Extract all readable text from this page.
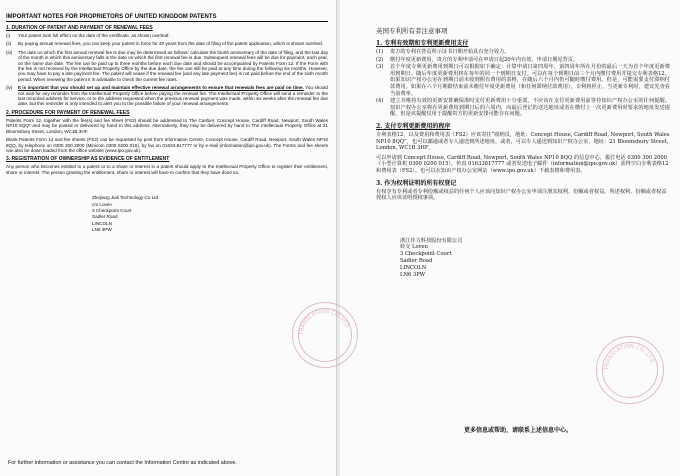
IMPORTANT NOTES FOR PROPRIETORS OF UNITED KINGDOM PATENTS
1. DURATION OF PATENT AND PAYMENT OF RENEWAL FEES
(i)	Your patent took full effect on the date of the certificate, as shown overleaf.
(ii)	By paying annual renewal fees, you can keep your patent in force for 20 years from the date of filing of the patent application, which is shown overleaf.
(iii)	The date on which the first annual renewal fee is due may be determined as follows: calculate the fourth anniversary of the date of filing, and the last day of the month in which this anniversary falls is the date on which the first renewal fee is due. Subsequent renewal fees will be due for payment, each year, on the same due date. The fee can be paid up to three months before each due date and should be accompanied by Patents Form 12. If the Form with the fee is not received by the Intellectual Property Office by the due date, the fee can still be paid at any time during the following six months. However, you may have to pay a late payment fee. The patent will cease if the renewal fee (and any late payment fee) is not paid before the end of the sixth month period. When renewing the patent it is advisable to check the current fee rates.
(iv)	It is important that you should set up and maintain effective renewal arrangements to ensure that renewals fees are paid on time. You should not wait for any reminder from the Intellectual Property Office before paying the renewal fee. The Intellectual Property Office will send a reminder to the last recorded address for service, or to the address requested when the previous renewal payment was made, within six weeks after the renewal fee due date, but this reminder is only intended to alert you to the possible failure of your renewal arrangements.
2. PROCEDURE FOR PAYMENT OF RENEWAL FEES
Patents Form 12, together with the fee(s) and fee sheet (FS2) should be addressed to The Cashier, Concept House, Cardiff Road, Newport, South Wales NP10 8QQ* and may be posted or delivered by hand to this address. Alternatively, they may be delivered by hand to The Intellectual Property Office at 21 Bloomsbury Street, London, WC1B 3HF.
Blank Patents Form 12 and fee sheets (FS2) can be requested by post from Information Centre, Concept House, Cardiff Road, Newport, South Wales NP10 8QQ, by telephone on 0300 300 2000 (Minicom 0300 0200 015), by fax on 01633-817777 or by e-mail (information@ipo.gov.uk). The Forms and fee sheets can also be down loaded from the office website (www.ipo.gov.uk).
3. REGISTRATION OF OWNERSHIP AS EVIDENCE OF ENTITLEMENT
Any person who becomes entitled to a patent or to a share or interest in a patent should apply to the Intellectual Property Office to register their entitlement, share or interest. The person granting the entitlement, share or interest will have to confirm that they have done so.
Zhejiang Jiali Technology Co Ltd
c/o Loven
3 Checkpoint Court
Sadler Road
LINCOLN
LN6 3PW
For further information or assistance you can contact the Information Centre as indicated above.
英国专利所有者注意事项
1. 专利有效期和专利更新费用支付
(1)	贵方的专利在背页所示证书日期开始具有充分效力。
(2)	缴付年度更新费用，贵方的专利申请可在申请日起20年内有效，申请日期见背页。
(3)	首个年度专利更新费用到期日可以根据如下确定：计算申请日第四周年，第四周年所在月份的最后一天为首个年度更新费用到期日。随后年度更新费用将在每年的同一个到期日支付。可以在每个到期日前三个月内缴付费用并提交专利表格12。如果知识产权办公室在到期日前未收到附有费用的表格，在随后六个月内仍可随时缴付费用。但是，可能需要支付滞纳付款费用。如果在六个月期限结束前未缴付年度更新费用（和任何滞纳付款费用），专利将停止。当更新专利时，建议先查看当前费率。
(4)	建立并维持有效的更新安排确保准时支付更新费用十分重要。不应该在支付更新费用前等待知识产权办公室的任何提醒。知识产权办公室将在更新费用到期日后的六周内，向最后登记的送达地址或者在缴付上一次更新费用时要求的地址发送提醒，但是该提醒仅用于提醒贵方的更新安排可能存在问题。
2. 支付专利更新费用的程序
专利表格12，以及费用和费用表（FS2）应该寄往“收纳员，地址：Concept House, Cardiff Road, Newport, South Wales NP10 8QQ”，也可以邮递或者专人递送到所述地址。或者，可以专人递送到知识产权办公室，地址：21 Bloomsbury Street, London, WC1B 3HF。
可以申请到 Concept House, Cardiff Road, Newport, South Wales NP10 8QQ 的信息中心，拨打电话 0300 300 2000（小型计算机 0300 0200 015），传真 01633817777 或者发送电子邮件（information@ipo.gov.uk）获得空白专利表格12和费用表（FS2）。也可以在知识产权办公室网站（www.ipo.gov.uk）下载表格和费用表。
3. 作为权利证明的所有权登记
有权享有专利或者专利份额或权益的任何个人应该向知识产权办公室申请注册其权利、份额或者权益。所述权利、份额或者权益授权人应该证明授权事项。
浙江佳力科技股份有限公司
转交 Loven
3 Checkpoint Court
Sadler Road
LINCOLN
LN6 3PW
更多信息或帮助，请联系上述信息中心。
TRANSLATION CO.,LTD.
TRANSLATION CO.,LTD.
